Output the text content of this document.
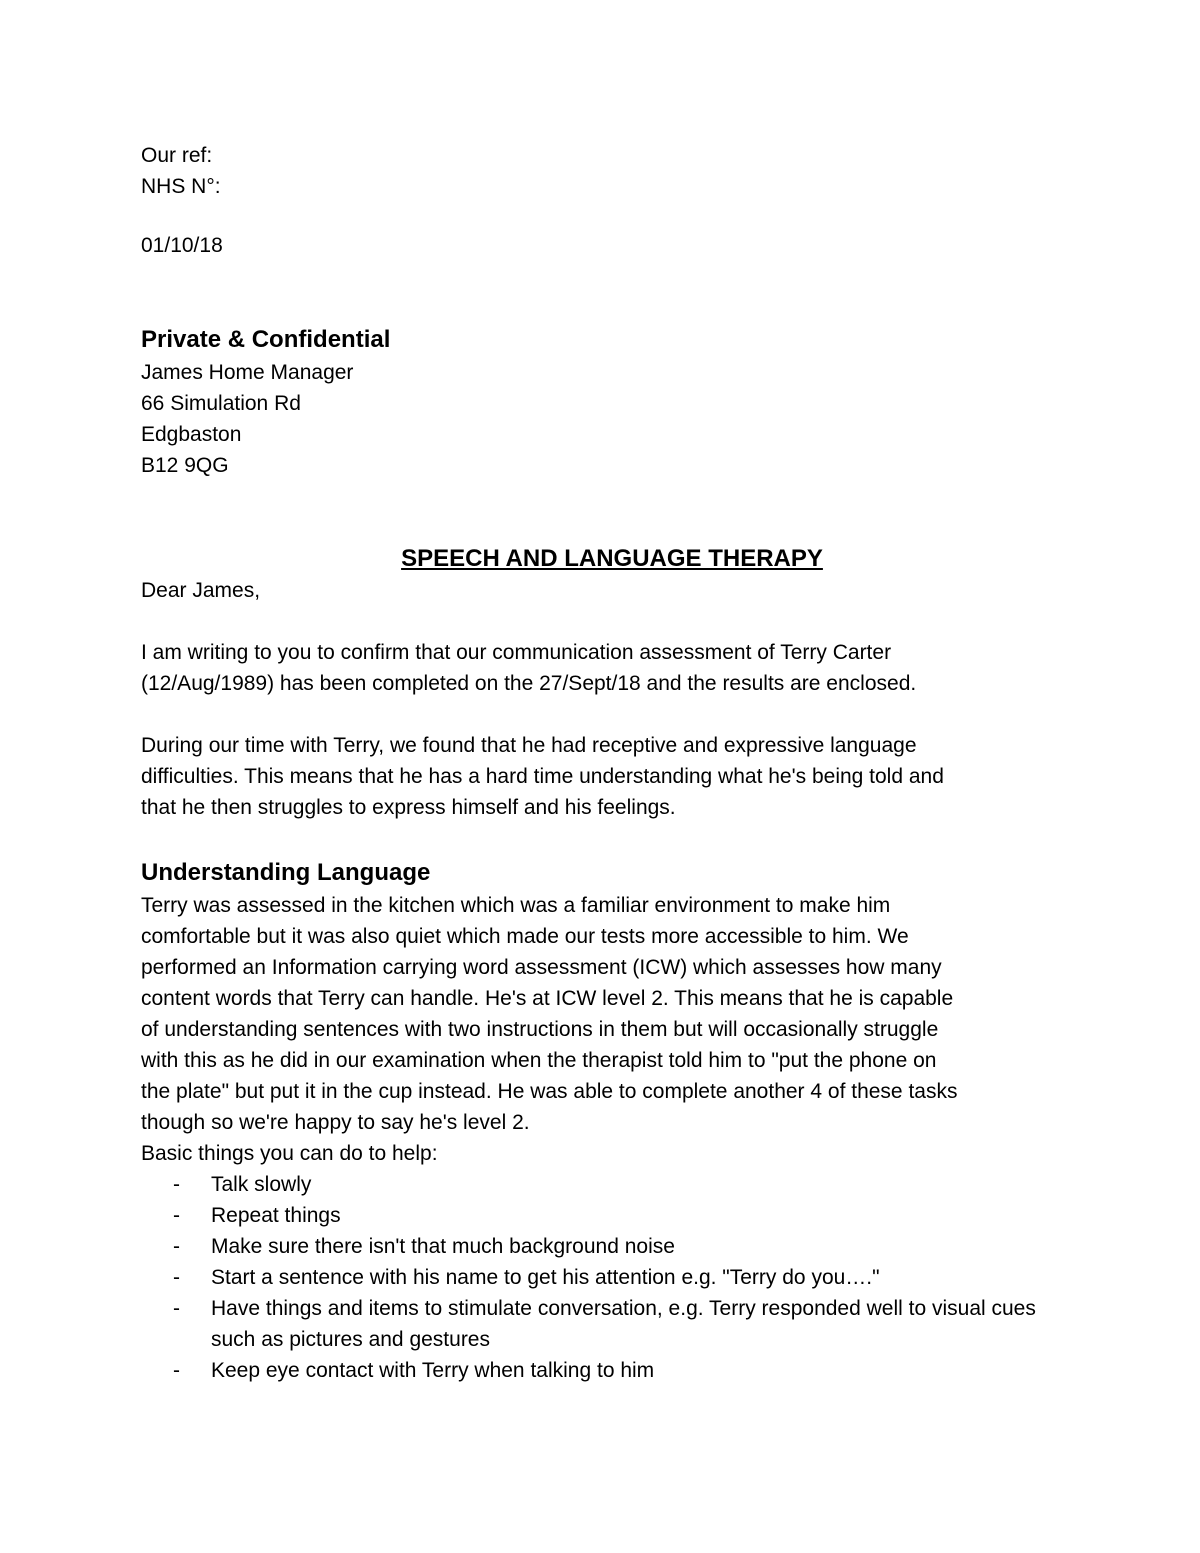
Our ref:

NHS N°:

01/10/18

Private & Confidential

James Home Manager

66 Simulation Rd

Edgbaston

B12 9QG

SPEECH AND LANGUAGE THERAPY

Dear James,

I am writing to you to confirm that our communication assessment of Terry Carter

(12/Aug/1989) has been completed on the 27/Sept/18 and the results are enclosed.

During our time with Terry, we found that he had receptive and expressive language

difficulties. This means that he has a hard time understanding what he's being told and

that he then struggles to express himself and his feelings.

Understanding Language

Terry was assessed in the kitchen which was a familiar environment to make him

comfortable but it was also quiet which made our tests more accessible to him. We

performed an Information carrying word assessment (ICW) which assesses how many

content words that Terry can handle. He's at ICW level 2. This means that he is capable

of understanding sentences with two instructions in them but will occasionally struggle

with this as he did in our examination when the therapist told him to "put the phone on

the plate" but put it in the cup instead. He was able to complete another 4 of these tasks

though so we're happy to say he's level 2.

Basic things you can do to help:

- Talk slowly
- Repeat things
- Make sure there isn't that much background noise
- Start a sentence with his name to get his attention e.g. "Terry do you…."
- Have things and items to stimulate conversation, e.g. Terry responded well to visual cues such as pictures and gestures
- Keep eye contact with Terry when talking to him
